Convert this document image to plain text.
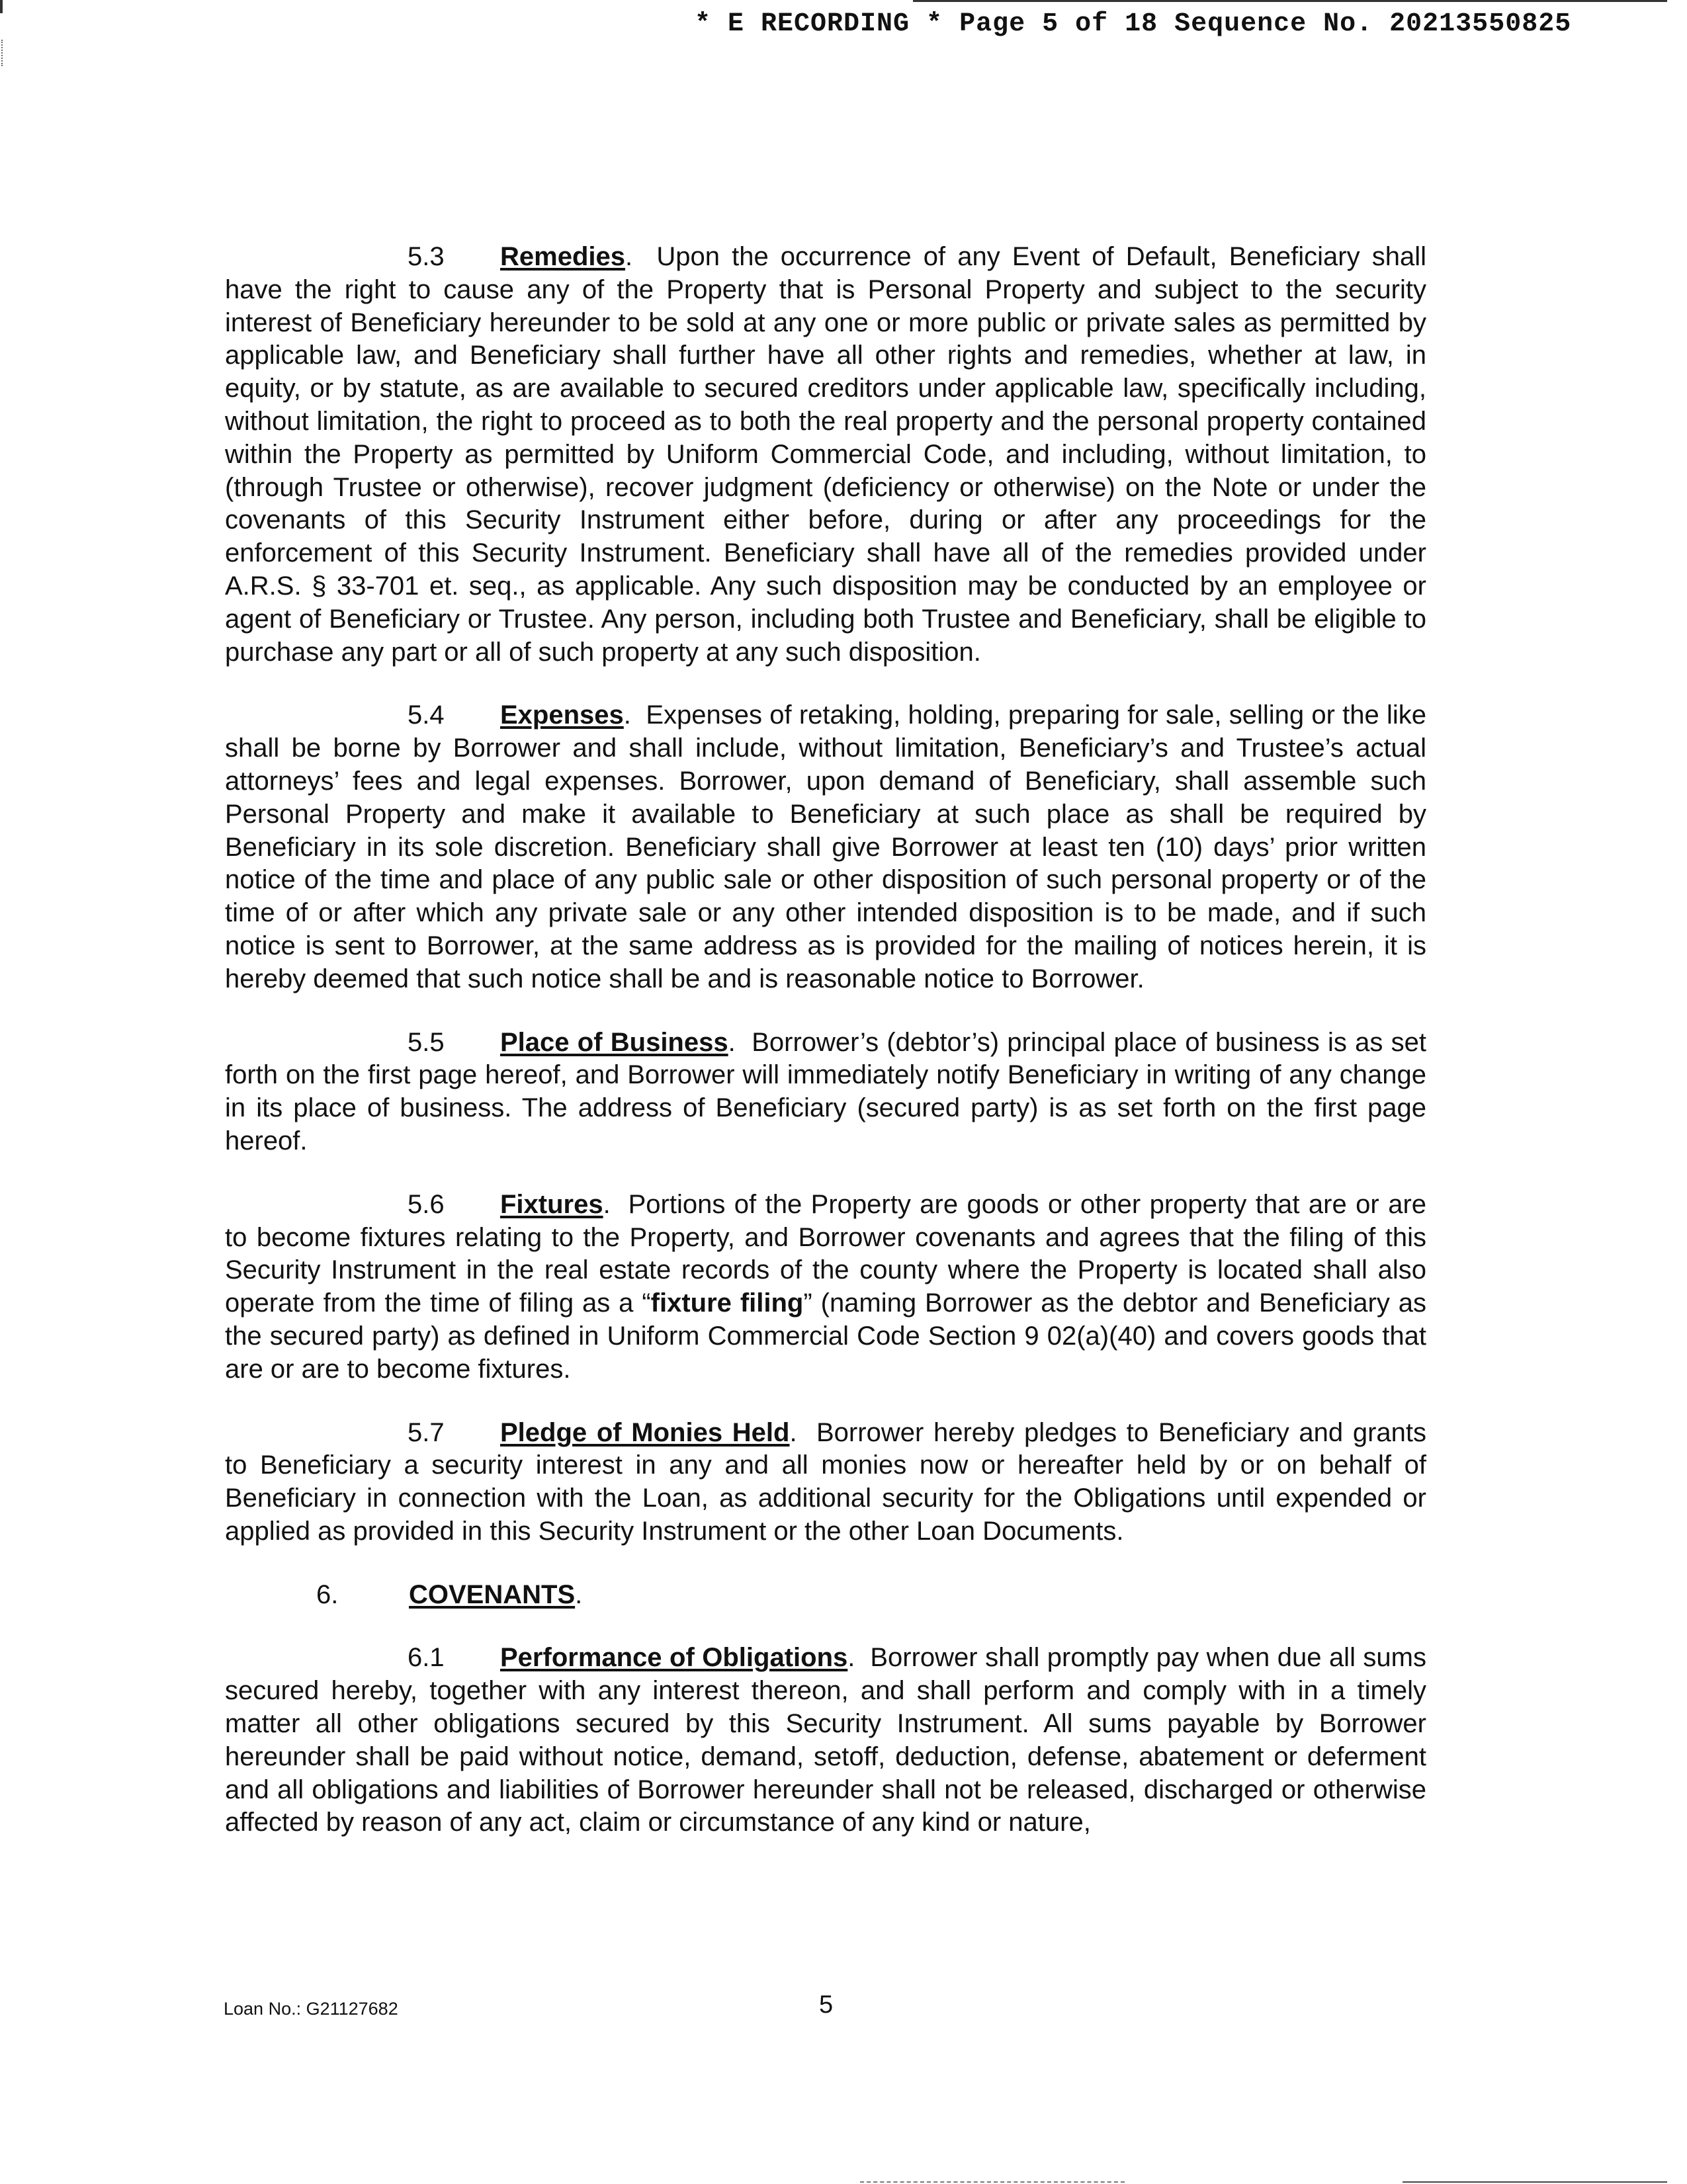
* E RECORDING * Page 5 of 18 Sequence No. 20213550825

5.3 Remedies.  Upon the occurrence of any Event of Default, Beneficiary shall have the right to cause any of the Property that is Personal Property and subject to the security interest of Beneficiary hereunder to be sold at any one or more public or private sales as permitted by applicable law, and Beneficiary shall further have all other rights and remedies, whether at law, in equity, or by statute, as are available to secured creditors under applicable law, specifically including, without limitation, the right to proceed as to both the real property and the personal property contained within the Property as permitted by Uniform Commercial Code, and including, without limitation, to (through Trustee or otherwise), recover judgment (deficiency or otherwise) on the Note or under the covenants of this Security Instrument either before, during or after any proceedings for the enforcement of this Security Instrument. Beneficiary shall have all of the remedies provided under A.R.S. § 33-701 et. seq., as applicable. Any such disposition may be conducted by an employee or agent of Beneficiary or Trustee. Any person, including both Trustee and Beneficiary, shall be eligible to purchase any part or all of such property at any such disposition.

5.4 Expenses.  Expenses of retaking, holding, preparing for sale, selling or the like shall be borne by Borrower and shall include, without limitation, Beneficiary’s and Trustee’s actual attorneys’ fees and legal expenses. Borrower, upon demand of Beneficiary, shall assemble such Personal Property and make it available to Beneficiary at such place as shall be required by Beneficiary in its sole discretion. Beneficiary shall give Borrower at least ten (10) days’ prior written notice of the time and place of any public sale or other disposition of such personal property or of the time of or after which any private sale or any other intended disposition is to be made, and if such notice is sent to Borrower, at the same address as is provided for the mailing of notices herein, it is hereby deemed that such notice shall be and is reasonable notice to Borrower.

5.5 Place of Business.  Borrower’s (debtor’s) principal place of business is as set forth on the first page hereof, and Borrower will immediately notify Beneficiary in writing of any change in its place of business. The address of Beneficiary (secured party) is as set forth on the first page hereof.

5.6 Fixtures.  Portions of the Property are goods or other property that are or are to become fixtures relating to the Property, and Borrower covenants and agrees that the filing of this Security Instrument in the real estate records of the county where the Property is located shall also operate from the time of filing as a “fixture filing” (naming Borrower as the debtor and Beneficiary as the secured party) as defined in Uniform Commercial Code Section 9 02(a)(40) and covers goods that are or are to become fixtures.

5.7 Pledge of Monies Held.  Borrower hereby pledges to Beneficiary and grants to Beneficiary a security interest in any and all monies now or hereafter held by or on behalf of Beneficiary in connection with the Loan, as additional security for the Obligations until expended or applied as provided in this Security Instrument or the other Loan Documents.

6.	COVENANTS.

6.1 Performance of Obligations.  Borrower shall promptly pay when due all sums secured hereby, together with any interest thereon, and shall perform and comply with in a timely matter all other obligations secured by this Security Instrument. All sums payable by Borrower hereunder shall be paid without notice, demand, setoff, deduction, defense, abatement or deferment and all obligations and liabilities of Borrower hereunder shall not be released, discharged or otherwise affected by reason of any act, claim or circumstance of any kind or nature,

Loan No.: G21127682	5
